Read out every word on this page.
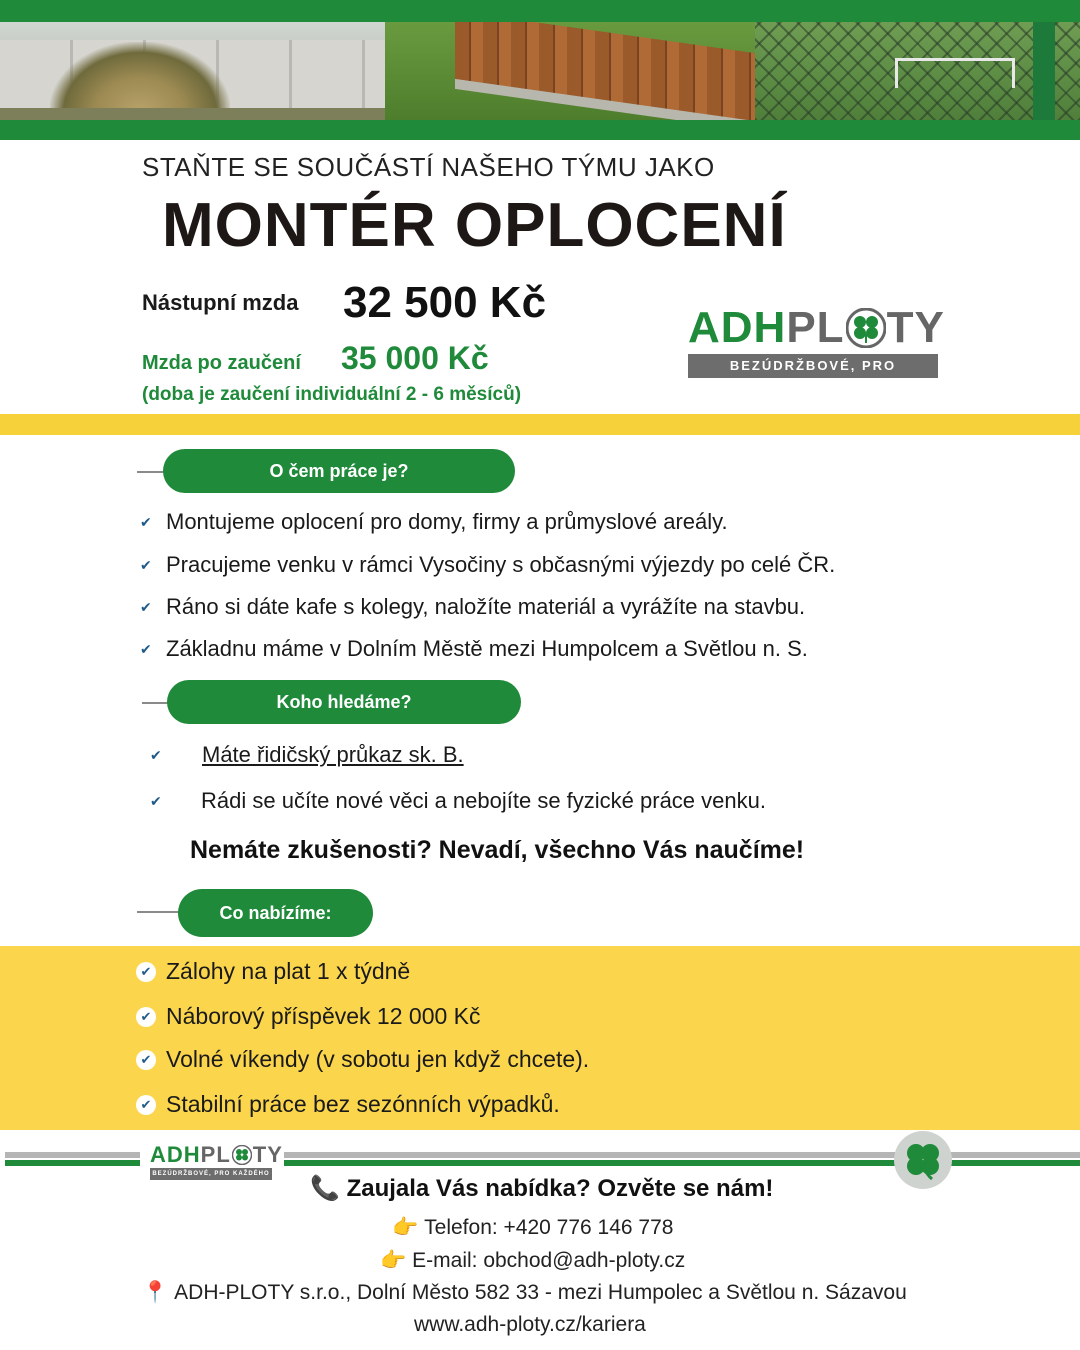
STAŇTE SE SOUČÁSTÍ NAŠEHO TÝMU JAKO
MONTÉR OPLOCENÍ
Nástupní mzda 32 500 Kč
Mzda po zaučení 35 000 Kč
(doba je zaučení individuální 2 - 6 měsíců)
ADH PL TY
BEZÚDRŽBOVÉ, PRO KAŽDÉHO
O čem práce je?
✔ Montujeme oplocení pro domy, firmy a průmyslové areály.
✔ Pracujeme venku v rámci Vysočiny s občasnými výjezdy po celé ČR.
✔ Ráno si dáte kafe s kolegy, naložíte materiál a vyrážíte na stavbu.
✔ Základnu máme v Dolním Městě mezi Humpolcem a Světlou n. S.
Koho hledáme?
✔ Máte řidičský průkaz sk. B.
✔ Rádi se učíte nové věci a nebojíte se fyzické práce venku.
Nemáte zkušenosti? Nevadí, všechno Vás naučíme!
Co nabízíme:
✔ Zálohy na plat 1 x týdně
✔ Náborový příspěvek 12 000 Kč
✔ Volné víkendy (v sobotu jen když chcete).
✔ Stabilní práce bez sezónních výpadků.
ADH PL TY
BEZÚDRŽBOVÉ, PRO KAŽDÉHO
📞 Zaujala Vás nabídka? Ozvěte se nám!
👉 Telefon: +420 776 146 778
👉 E-mail: obchod@adh-ploty.cz
📍 ADH-PLOTY s.r.o., Dolní Město 582 33 - mezi Humpolec a Světlou n. Sázavou
www.adh-ploty.cz/kariera
